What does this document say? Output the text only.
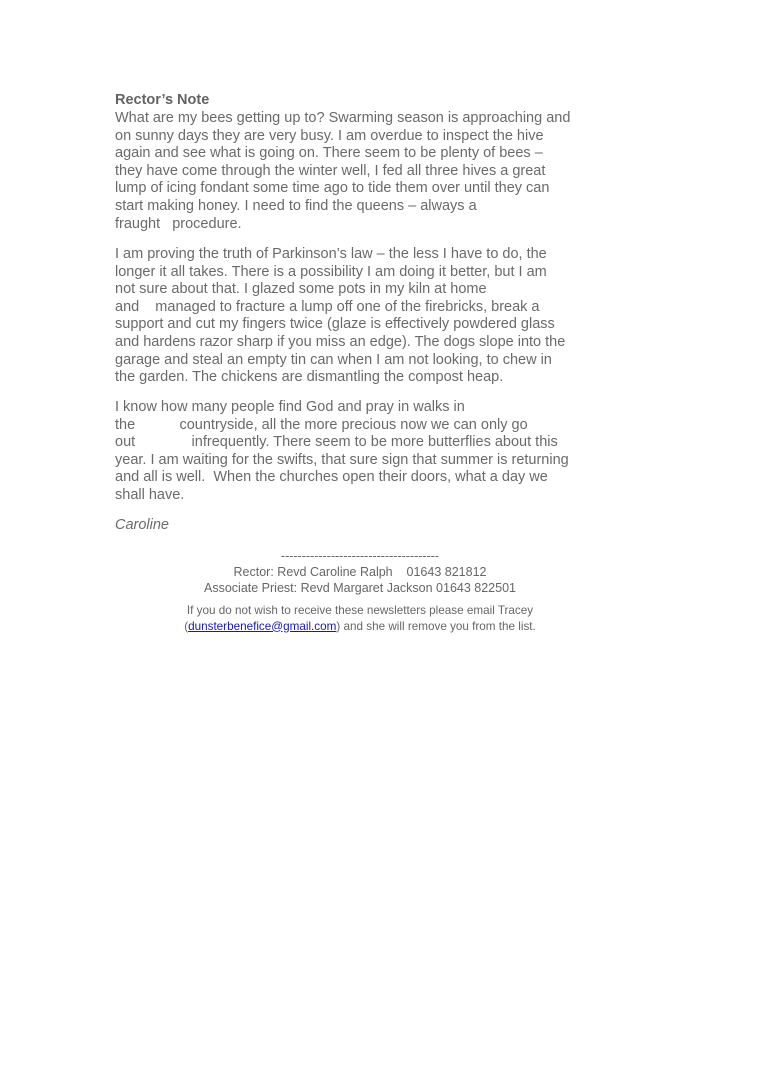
Rector’s Note
What are my bees getting up to? Swarming season is approaching and
on sunny days they are very busy. I am overdue to inspect the hive
again and see what is going on. There seem to be plenty of bees –
they have come through the winter well, I fed all three hives a great
lump of icing fondant some time ago to tide them over until they can
start making honey. I need to find the queens – always a
fraught   procedure.
I am proving the truth of Parkinson’s law – the less I have to do, the
longer it all takes. There is a possibility I am doing it better, but I am
not sure about that. I glazed some pots in my kiln at home
and    managed to fracture a lump off one of the firebricks, break a
support and cut my fingers twice (glaze is effectively powdered glass
and hardens razor sharp if you miss an edge). The dogs slope into the
garage and steal an empty tin can when I am not looking, to chew in
the garden. The chickens are dismantling the compost heap.
I know how many people find God and pray in walks in
the           countryside, all the more precious now we can only go
out              infrequently. There seem to be more butterflies about this
year. I am waiting for the swifts, that sure sign that summer is returning
and all is well.  When the churches open their doors, what a day we
shall have.
Caroline
--------------------------------------
Rector: Revd Caroline Ralph    01643 821812
Associate Priest: Revd Margaret Jackson 01643 822501
If you do not wish to receive these newsletters please email Tracey
(dunsterbenefice@gmail.com) and she will remove you from the list.
